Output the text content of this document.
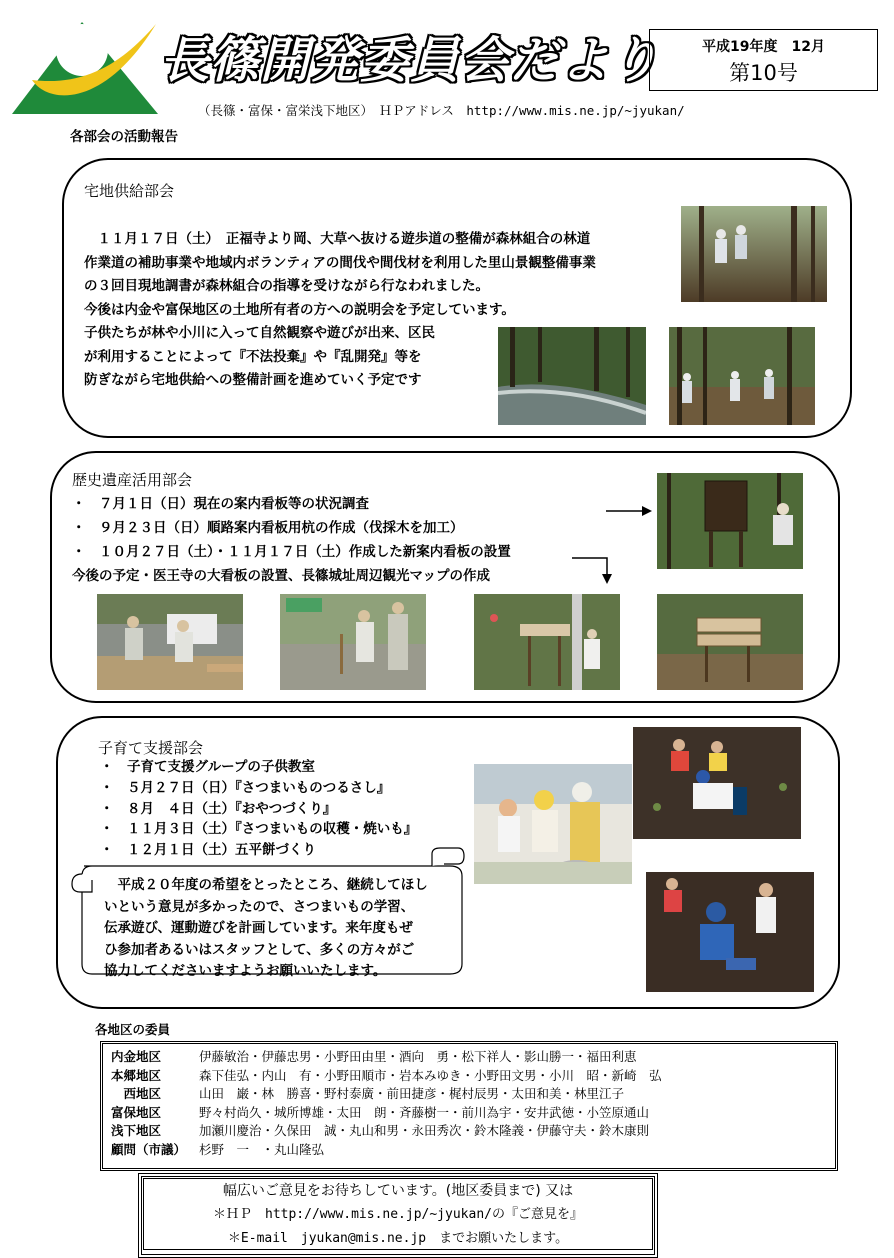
長篠開発委員会だより
（長篠・富保・富栄浅下地区）　ＨＰアドレス　http://www.mis.ne.jp/~jyukan/
平成19年度　12月
第10号
各部会の活動報告
宅地供給部会
　１１月１７日（土）　正福寺より岡、大草へ抜ける遊歩道の整備が森林組合の林道
作業道の補助事業や地域内ボランティアの間伐や間伐材を利用した里山景観整備事業
の３回目現地調書が森林組合の指導を受けながら行なわれました。
今後は内金や富保地区の土地所有者の方への説明会を予定しています。
子供たちが林や小川に入って自然観察や遊びが出来、区民
が利用することによって『不法投棄』や『乱開発』等を
防ぎながら宅地供給への整備計画を進めていく予定です
歴史遺産活用部会
・　７月１日（日）現在の案内看板等の状況調査
・　９月２３日（日）順路案内看板用杭の作成（伐採木を加工）
・　１０月２７日（土）・１１月１７日（土）作成した新案内看板の設置
今後の予定・医王寺の大看板の設置、長篠城址周辺観光マップの作成
子育て支援部会
・　子育て支援グループの子供教室
・　５月２７日（日）『さつまいものつるさし』
・　８月　４日（土）『おやつづくり』
・　１１月３日（土）『さつまいもの収穫・焼いも』
・　１２月１日（土）五平餅づくり
　平成２０年度の希望をとったところ、継続してほし
いという意見が多かったので、さつまいもの学習、
伝承遊び、運動遊びを計画しています。来年度もぜ
ひ参加者あるいはスタッフとして、多くの方々がご
協力してくださいますようお願いいたします。
各地区の委員
内金地区	伊藤敏治・伊藤忠男・小野田由里・酒向　勇・松下祥人・影山勝一・福田利恵
本郷地区	森下佳弘・内山　有・小野田順市・岩本みゆき・小野田文男・小川　昭・新崎　弘
　西地区	山田　巌・林　勝喜・野村泰廣・前田捷彦・梶村辰男・太田和美・林里江子
富保地区	野々村尚久・城所博雄・太田　朗・斉藤樹一・前川為宇・安井武徳・小笠原通山
浅下地区	加瀬川慶治・久保田　誠・丸山和男・永田秀次・鈴木隆義・伊藤守夫・鈴木康則
顧問（市議）	杉野　一　・丸山隆弘
幅広いご意見をお待ちしています。(地区委員まで) 又は
＊ＨＰ　http://www.mis.ne.jp/~jyukan/の『ご意見を』
＊E-mail　jyukan@mis.ne.jp　までお願いたします。
